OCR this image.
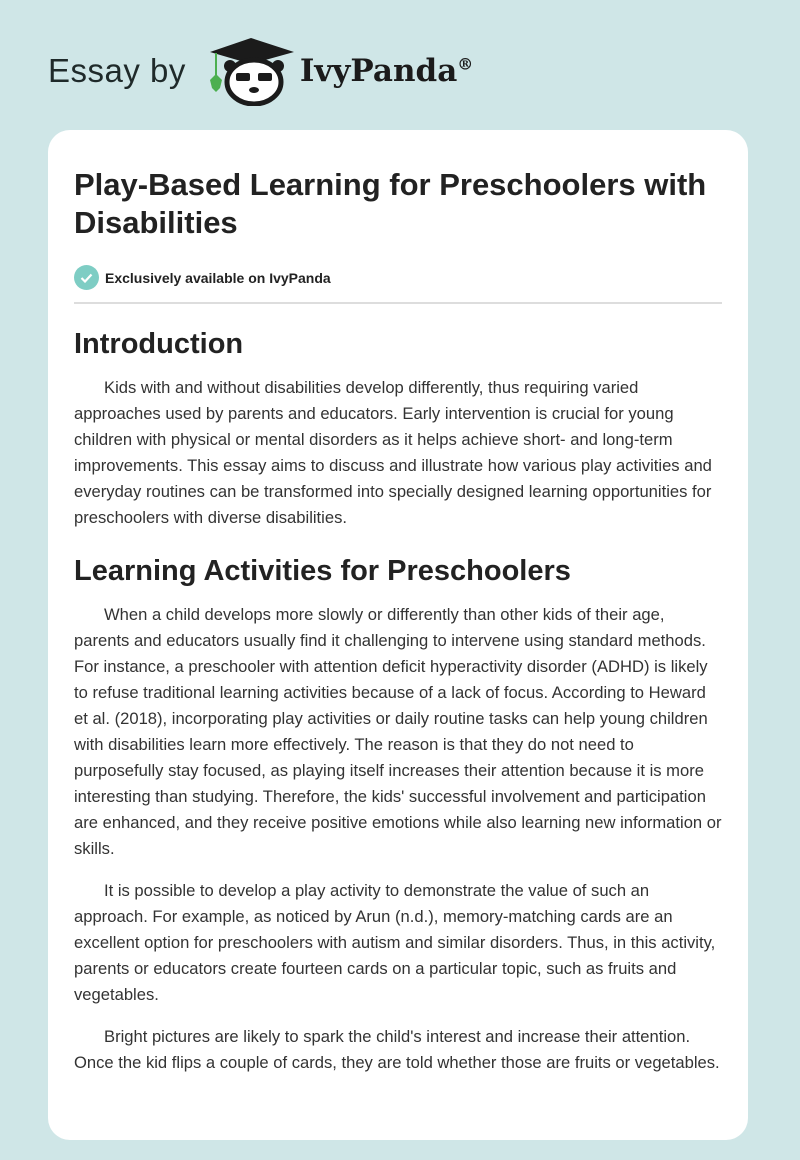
Essay by	IvyPanda®
Play-Based Learning for Preschoolers with Disabilities
Exclusively available on IvyPanda
Introduction

Kids with and without disabilities develop differently, thus requiring varied approaches used by parents and educators. Early intervention is crucial for young children with physical or mental disorders as it helps achieve short- and long-term improvements. This essay aims to discuss and illustrate how various play activities and everyday routines can be transformed into specially designed learning opportunities for preschoolers with diverse disabilities.

Learning Activities for Preschoolers

When a child develops more slowly or differently than other kids of their age, parents and educators usually find it challenging to intervene using standard methods. For instance, a preschooler with attention deficit hyperactivity disorder (ADHD) is likely to refuse traditional learning activities because of a lack of focus. According to Heward et al. (2018), incorporating play activities or daily routine tasks can help young children with disabilities learn more effectively. The reason is that they do not need to purposefully stay focused, as playing itself increases their attention because it is more interesting than studying. Therefore, the kids' successful involvement and participation are enhanced, and they receive positive emotions while also learning new information or skills.

It is possible to develop a play activity to demonstrate the value of such an approach. For example, as noticed by Arun (n.d.), memory-matching cards are an excellent option for preschoolers with autism and similar disorders. Thus, in this activity, parents or educators create fourteen cards on a particular topic, such as fruits and vegetables.

Bright pictures are likely to spark the child's interest and increase their attention. Once the kid flips a couple of cards, they are told whether those are fruits or vegetables.
